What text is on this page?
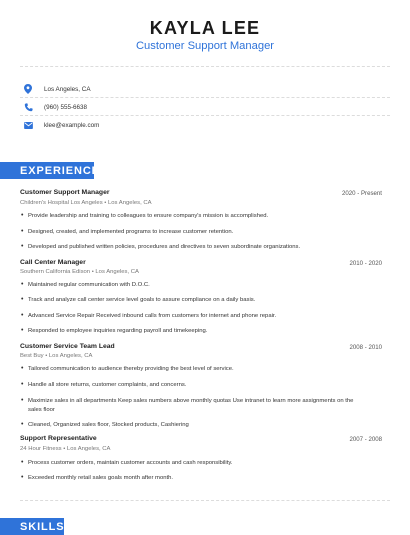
KAYLA LEE
Customer Support Manager
Los Angeles, CA
(960) 555-6638
klee@example.com
EXPERIENCE
Customer Support Manager	2020 - Present
Children's Hospital Los Angeles • Los Angeles, CA
• Provide leadership and training to colleagues to ensure company's mission is accomplished.
• Designed, created, and implemented programs to increase customer retention.
• Developed and published written policies, procedures and directives to seven subordinate organizations.
Call Center Manager	2010 - 2020
Southern California Edison • Los Angeles, CA
• Maintained regular communication with D.O.C.
• Track and analyze call center service level goals to assure compliance on a daily basis.
• Advanced Service Repair Received inbound calls from customers for internet and phone repair.
• Responded to employee inquiries regarding payroll and timekeeping.
Customer Service Team Lead	2008 - 2010
Best Buy • Los Angeles, CA
• Tailored communication to audience thereby providing the best level of service.
• Handle all store returns, customer complaints, and concerns.
• Maximize sales in all departments Keep sales numbers above monthly quotas Use intranet to learn more assignments on the sales floor
• Cleaned, Organized sales floor, Stocked products, Cashiering
Support Representative	2007 - 2008
24 Hour Fitness • Los Angeles, CA
• Process customer orders, maintain customer accounts and cash responsibility.
• Exceeded monthly retail sales goals month after month.
SKILLS
